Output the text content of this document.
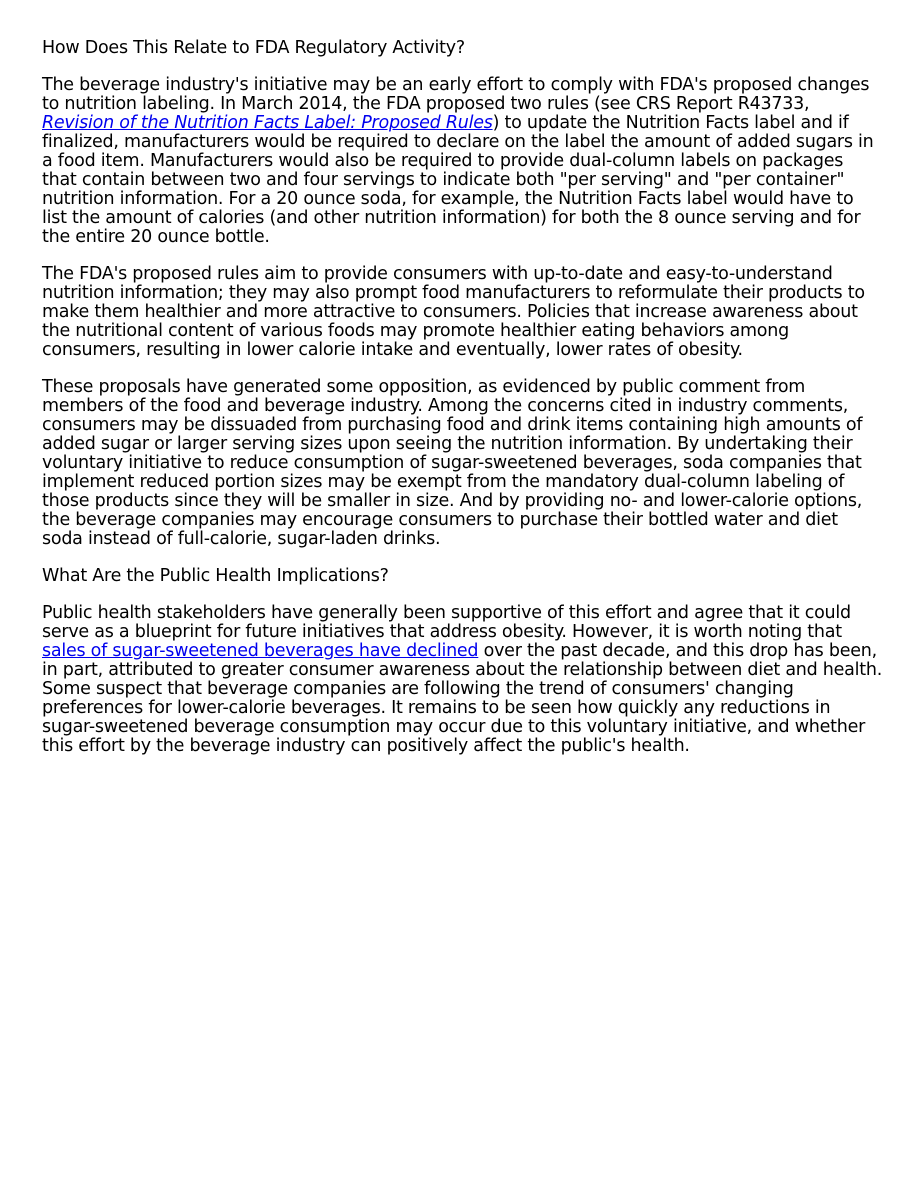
How Does This Relate to FDA Regulatory Activity?

The beverage industry's initiative may be an early effort to comply with FDA's proposed changes to nutrition labeling. In March 2014, the FDA proposed two rules (see CRS Report R43733, Revision of the Nutrition Facts Label: Proposed Rules) to update the Nutrition Facts label and if finalized, manufacturers would be required to declare on the label the amount of added sugars in a food item. Manufacturers would also be required to provide dual-column labels on packages that contain between two and four servings to indicate both "per serving" and "per container" nutrition information. For a 20 ounce soda, for example, the Nutrition Facts label would have to list the amount of calories (and other nutrition information) for both the 8 ounce serving and for the entire 20 ounce bottle.

The FDA's proposed rules aim to provide consumers with up-to-date and easy-to-understand nutrition information; they may also prompt food manufacturers to reformulate their products to make them healthier and more attractive to consumers. Policies that increase awareness about the nutritional content of various foods may promote healthier eating behaviors among consumers, resulting in lower calorie intake and eventually, lower rates of obesity.

These proposals have generated some opposition, as evidenced by public comment from members of the food and beverage industry. Among the concerns cited in industry comments, consumers may be dissuaded from purchasing food and drink items containing high amounts of added sugar or larger serving sizes upon seeing the nutrition information. By undertaking their voluntary initiative to reduce consumption of sugar-sweetened beverages, soda companies that implement reduced portion sizes may be exempt from the mandatory dual-column labeling of those products since they will be smaller in size. And by providing no- and lower-calorie options, the beverage companies may encourage consumers to purchase their bottled water and diet soda instead of full-calorie, sugar-laden drinks.

What Are the Public Health Implications?

Public health stakeholders have generally been supportive of this effort and agree that it could serve as a blueprint for future initiatives that address obesity. However, it is worth noting that sales of sugar-sweetened beverages have declined over the past decade, and this drop has been, in part, attributed to greater consumer awareness about the relationship between diet and health. Some suspect that beverage companies are following the trend of consumers' changing preferences for lower-calorie beverages. It remains to be seen how quickly any reductions in sugar-sweetened beverage consumption may occur due to this voluntary initiative, and whether this effort by the beverage industry can positively affect the public's health.
